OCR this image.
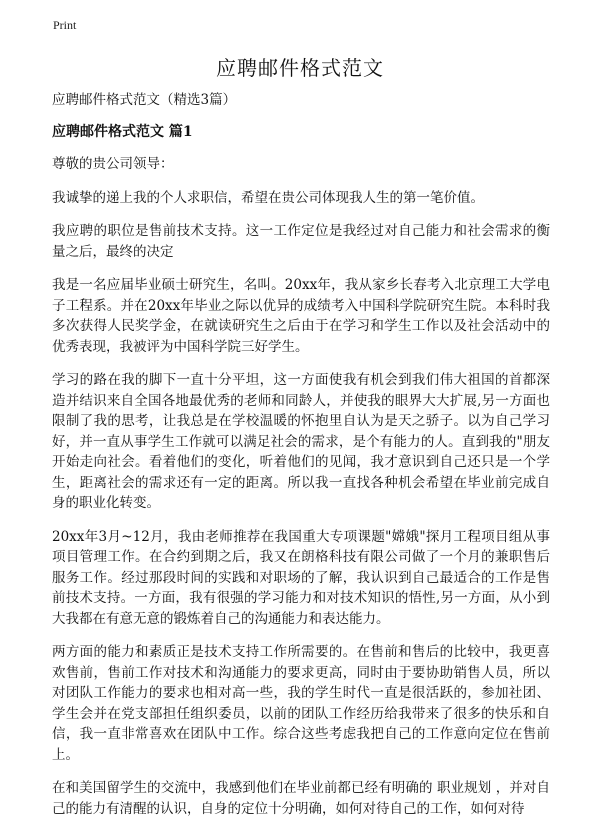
Print
应聘邮件格式范文

应聘邮件格式范文（精选3篇）

应聘邮件格式范文 篇1

尊敬的贵公司领导：

我诚挚的递上我的个人求职信，希望在贵公司体现我人生的第一笔价值。

我应聘的职位是售前技术支持。这一工作定位是我经过对自己能力和社会需求的衡量之后，最终的决定

我是一名应届毕业硕士研究生，名叫。20xx年，我从家乡长春考入北京理工大学电子工程系。并在20xx年毕业之际以优异的成绩考入中国科学院研究生院。本科时我多次获得人民奖学金，在就读研究生之后由于在学习和学生工作以及社会活动中的优秀表现，我被评为中国科学院三好学生。

学习的路在我的脚下一直十分平坦，这一方面使我有机会到我们伟大祖国的首都深造并结识来自全国各地最优秀的老师和同龄人，并使我的眼界大大扩展,另一方面也限制了我的思考，让我总是在学校温暖的怀抱里自认为是天之骄子。以为自己学习好，并一直从事学生工作就可以满足社会的需求，是个有能力的人。直到我的"朋友开始走向社会。看着他们的变化，听着他们的见闻，我才意识到自己还只是一个学生，距离社会的需求还有一定的距离。所以我一直找各种机会希望在毕业前完成自身的职业化转变。

20xx年3月~12月，我由老师推荐在我国重大专项课题"嫦娥"探月工程项目组从事项目管理工作。在合约到期之后，我又在朗格科技有限公司做了一个月的兼职售后服务工作。经过那段时间的实践和对职场的了解，我认识到自己最适合的工作是售前技术支持。一方面，我有很强的学习能力和对技术知识的悟性,另一方面，从小到大我都在有意无意的锻炼着自己的沟通能力和表达能力。

两方面的能力和素质正是技术支持工作所需要的。在售前和售后的比较中，我更喜欢售前，售前工作对技术和沟通能力的要求更高，同时由于要协助销售人员，所以对团队工作能力的要求也相对高一些，我的学生时代一直是很活跃的，参加社团、学生会并在党支部担任组织委员，以前的团队工作经历给我带来了很多的快乐和自信，我一直非常喜欢在团队中工作。综合这些考虑我把自己的工作意向定位在售前上。

在和美国留学生的交流中，我感到他们在毕业前都已经有明确的 职业规划 ，并对自己的能力有清醒的认识，自身的定位十分明确，如何对待自己的工作，如何对待
